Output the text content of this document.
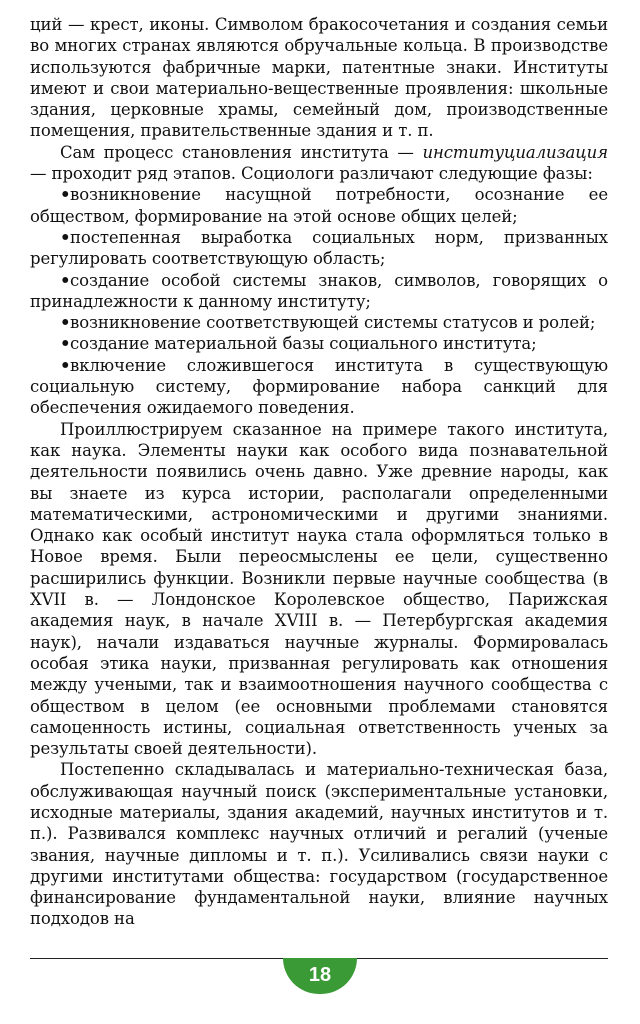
ций — крест, иконы. Символом бракосочетания и создания семьи во многих странах являются обручальные кольца. В производстве используются фабричные марки, патентные знаки. Институты имеют и свои материально-вещественные проявления: школьные здания, церковные храмы, семейный дом, производственные помещения, правительственные здания и т. п.

Сам процесс становления института — институциализация — проходит ряд этапов. Социологи различают следующие фазы:

•возникновение насущной потребности, осознание ее обществом, формирование на этой основе общих целей;

•постепенная выработка социальных норм, призванных регулировать соответствующую область;

•создание особой системы знаков, символов, говорящих о принадлежности к данному институту;

•возникновение соответствующей системы статусов и ролей;

•создание материальной базы социального института;

•включение сложившегося института в существующую социальную систему, формирование набора санкций для обеспечения ожидаемого поведения.

Проиллюстрируем сказанное на примере такого института, как наука. Элементы науки как особого вида познавательной деятельности появились очень давно. Уже древние народы, как вы знаете из курса истории, располагали определенными математическими, астрономическими и другими знаниями. Однако как особый институт наука стала оформляться только в Новое время. Были переосмыслены ее цели, существенно расширились функции. Возникли первые научные сообщества (в XVII в. — Лондонское Королевское общество, Парижская академия наук, в начале XVIII в. — Петербургская академия наук), начали издаваться научные журналы. Формировалась особая этика науки, призванная регулировать как отношения между учеными, так и взаимоотношения научного сообщества с обществом в целом (ее основными проблемами становятся самоценность истины, социальная ответственность ученых за результаты своей деятельности).

Постепенно складывалась и материально-техническая база, обслуживающая научный поиск (экспериментальные установки, исходные материалы, здания академий, научных институтов и т. п.). Развивался комплекс научных отличий и регалий (ученые звания, научные дипломы и т. п.). Усиливались связи науки с другими институтами общества: государством (государственное финансирование фундаментальной науки, влияние научных подходов на

18
